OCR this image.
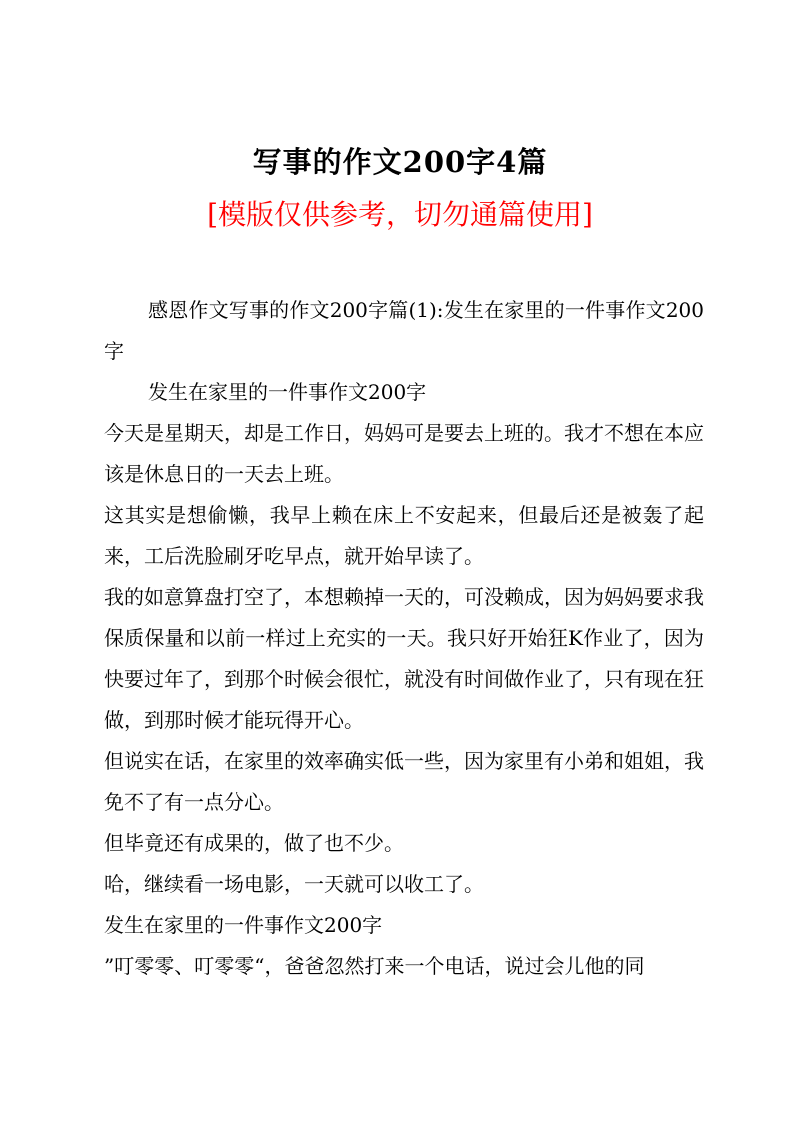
写事的作文200字4篇
[模版仅供参考，切勿通篇使用]

感恩作文写事的作文200字篇(1):发生在家里的一件事作文200字

发生在家里的一件事作文200字

今天是星期天，却是工作日，妈妈可是要去上班的。我才不想在本应该是休息日的一天去上班。

这其实是想偷懒，我早上赖在床上不安起来，但最后还是被轰了起来，工后洗脸刷牙吃早点，就开始早读了。

我的如意算盘打空了，本想赖掉一天的，可没赖成，因为妈妈要求我保质保量和以前一样过上充实的一天。我只好开始狂K作业了，因为快要过年了，到那个时候会很忙，就没有时间做作业了，只有现在狂做，到那时候才能玩得开心。

但说实在话，在家里的效率确实低一些，因为家里有小弟和姐姐，我免不了有一点分心。

但毕竟还有成果的，做了也不少。

哈，继续看一场电影，一天就可以收工了。

发生在家里的一件事作文200字

”叮零零、叮零零“，爸爸忽然打来一个电话，说过会儿他的同
